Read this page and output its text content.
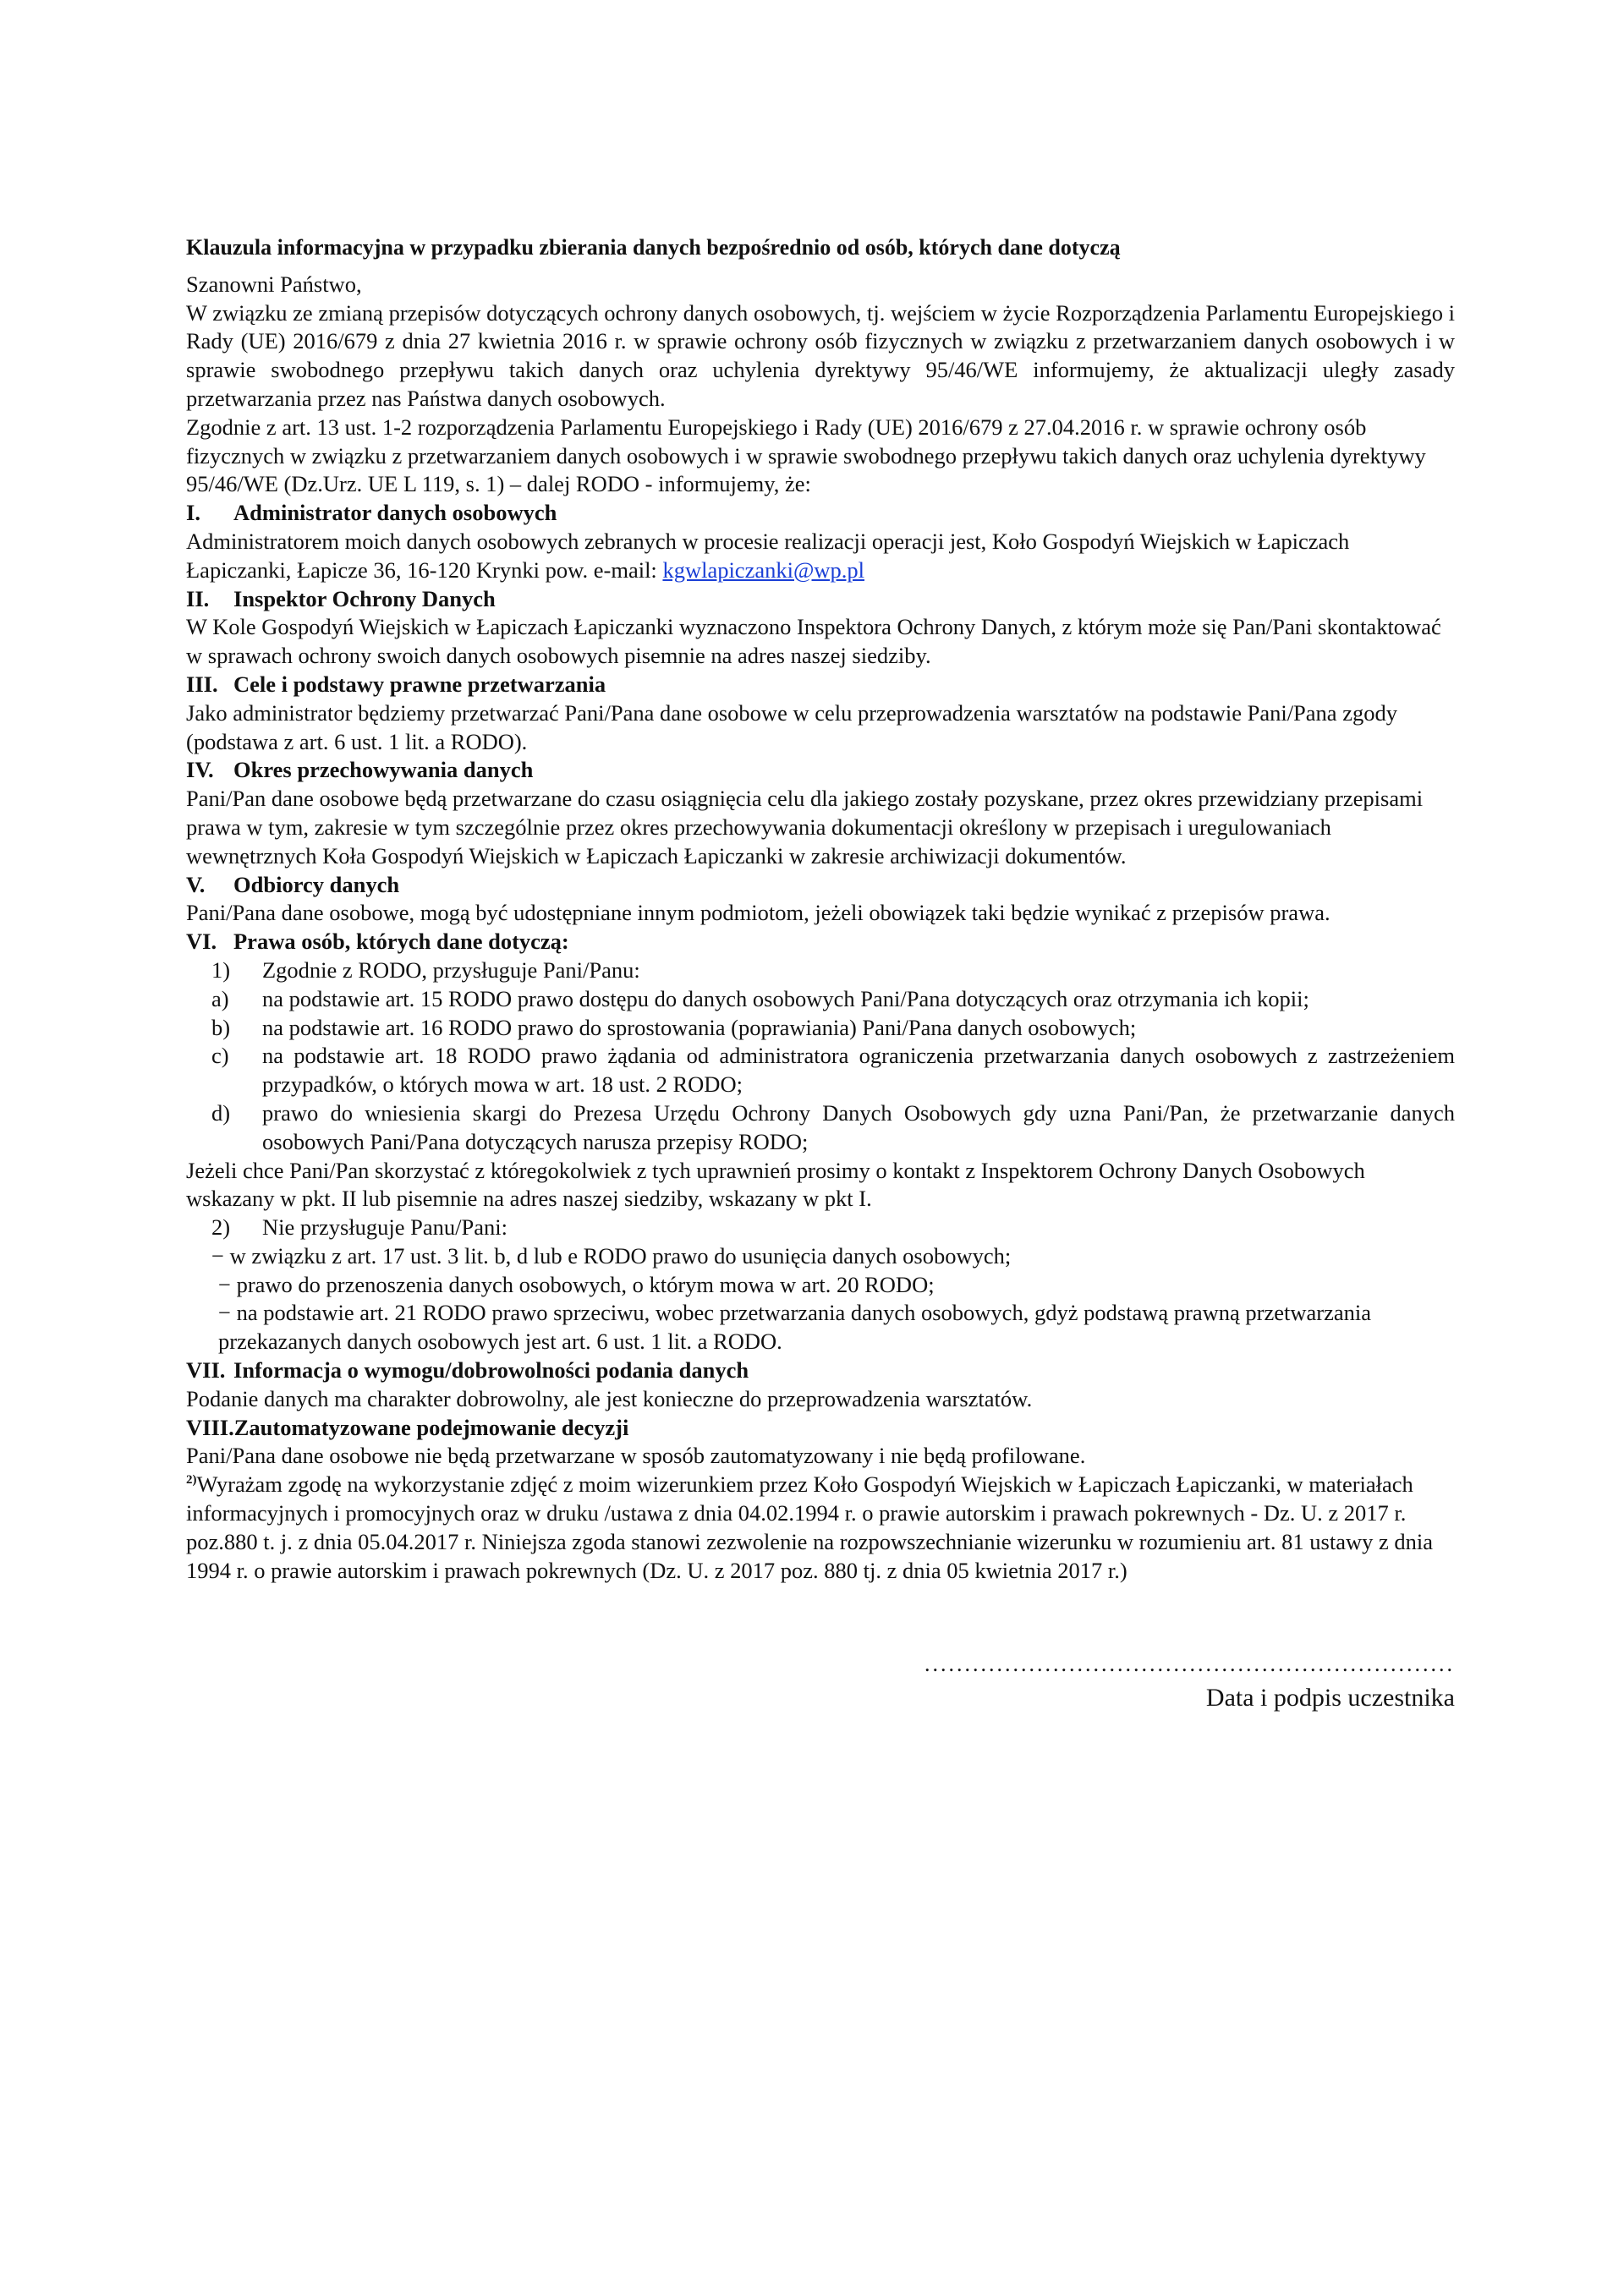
Klauzula informacyjna w przypadku zbierania danych bezpośrednio od osób, których dane dotyczą

Szanowni Państwo,

W związku ze zmianą przepisów dotyczących ochrony danych osobowych, tj. wejściem w życie Rozporządzenia Parlamentu Europejskiego i Rady (UE) 2016/679 z dnia 27 kwietnia 2016 r. w sprawie ochrony osób fizycznych w związku z przetwarzaniem danych osobowych i w sprawie swobodnego przepływu takich danych oraz uchylenia dyrektywy 95/46/WE informujemy, że aktualizacji uległy zasady przetwarzania przez nas Państwa danych osobowych.

Zgodnie z art. 13 ust. 1-2 rozporządzenia Parlamentu Europejskiego i Rady (UE) 2016/679 z 27.04.2016 r. w sprawie ochrony osób fizycznych w związku z przetwarzaniem danych osobowych i w sprawie swobodnego przepływu takich danych oraz uchylenia dyrektywy 95/46/WE (Dz.Urz. UE L 119, s. 1) – dalej RODO - informujemy, że:

I. Administrator danych osobowych

Administratorem moich danych osobowych zebranych w procesie realizacji operacji jest, Koło Gospodyń Wiejskich w Łapiczach Łapiczanki, Łapicze 36, 16-120 Krynki pow. e-mail: kgwlapiczanki@wp.pl

II. Inspektor Ochrony Danych

W Kole Gospodyń Wiejskich w Łapiczach Łapiczanki wyznaczono Inspektora Ochrony Danych, z którym może się Pan/Pani skontaktować w sprawach ochrony swoich danych osobowych pisemnie na adres naszej siedziby.

III. Cele i podstawy prawne przetwarzania

Jako administrator będziemy przetwarzać Pani/Pana dane osobowe w celu przeprowadzenia warsztatów na podstawie Pani/Pana zgody (podstawa z art. 6 ust. 1 lit. a RODO).

IV. Okres przechowywania danych

Pani/Pan dane osobowe będą przetwarzane do czasu osiągnięcia celu dla jakiego zostały pozyskane, przez okres przewidziany przepisami prawa w tym, zakresie w tym szczególnie przez okres przechowywania dokumentacji określony w przepisach i uregulowaniach wewnętrznych Koła Gospodyń Wiejskich w Łapiczach Łapiczanki w zakresie archiwizacji dokumentów.

V. Odbiorcy danych

Pani/Pana dane osobowe, mogą być udostępniane innym podmiotom, jeżeli obowiązek taki będzie wynikać z przepisów prawa.

VI. Prawa osób, których dane dotyczą:

1)	Zgodnie z RODO, przysługuje Pani/Panu:
a)	na podstawie art. 15 RODO prawo dostępu do danych osobowych Pani/Pana dotyczących oraz otrzymania ich kopii;
b)	na podstawie art. 16 RODO prawo do sprostowania (poprawiania) Pani/Pana danych osobowych;
c)	na podstawie art. 18 RODO prawo żądania od administratora ograniczenia przetwarzania danych osobowych z zastrzeżeniem przypadków, o których mowa w art. 18 ust. 2 RODO;
d)	prawo do wniesienia skargi do Prezesa Urzędu Ochrony Danych Osobowych gdy uzna Pani/Pan, że przetwarzanie danych osobowych Pani/Pana dotyczących narusza przepisy RODO;

Jeżeli chce Pani/Pan skorzystać z któregokolwiek z tych uprawnień prosimy o kontakt z Inspektorem Ochrony Danych Osobowych wskazany w pkt. II lub pisemnie na adres naszej siedziby, wskazany w pkt I.

2)	Nie przysługuje Panu/Pani:

− w związku z art. 17 ust. 3 lit. b, d lub e RODO prawo do usunięcia danych osobowych;

− prawo do przenoszenia danych osobowych, o którym mowa w art. 20 RODO;

− na podstawie art. 21 RODO prawo sprzeciwu, wobec przetwarzania danych osobowych, gdyż podstawą prawną przetwarzania przekazanych danych osobowych jest art. 6 ust. 1 lit. a RODO.

VII. Informacja o wymogu/dobrowolności podania danych

Podanie danych ma charakter dobrowolny, ale jest konieczne do przeprowadzenia warsztatów.

VIII.Zautomatyzowane podejmowanie decyzji

Pani/Pana dane osobowe nie będą przetwarzane w sposób zautomatyzowany i nie będą profilowane.

$^{2)}$Wyrażam zgodę na wykorzystanie zdjęć z moim wizerunkiem przez Koło Gospodyń Wiejskich w Łapiczach Łapiczanki, w materiałach informacyjnych i promocyjnych oraz w druku /ustawa z dnia 04.02.1994 r. o prawie autorskim i prawach pokrewnych - Dz. U. z 2017 r. poz.880 t. j. z dnia 05.04.2017 r. Niniejsza zgoda stanowi zezwolenie na rozpowszechnianie wizerunku w rozumieniu art. 81 ustawy z dnia 1994 r. o prawie autorskim i prawach pokrewnych (Dz. U. z 2017 poz. 880 tj. z dnia 05 kwietnia 2017 r.)

..................................................................
Data i podpis uczestnika
